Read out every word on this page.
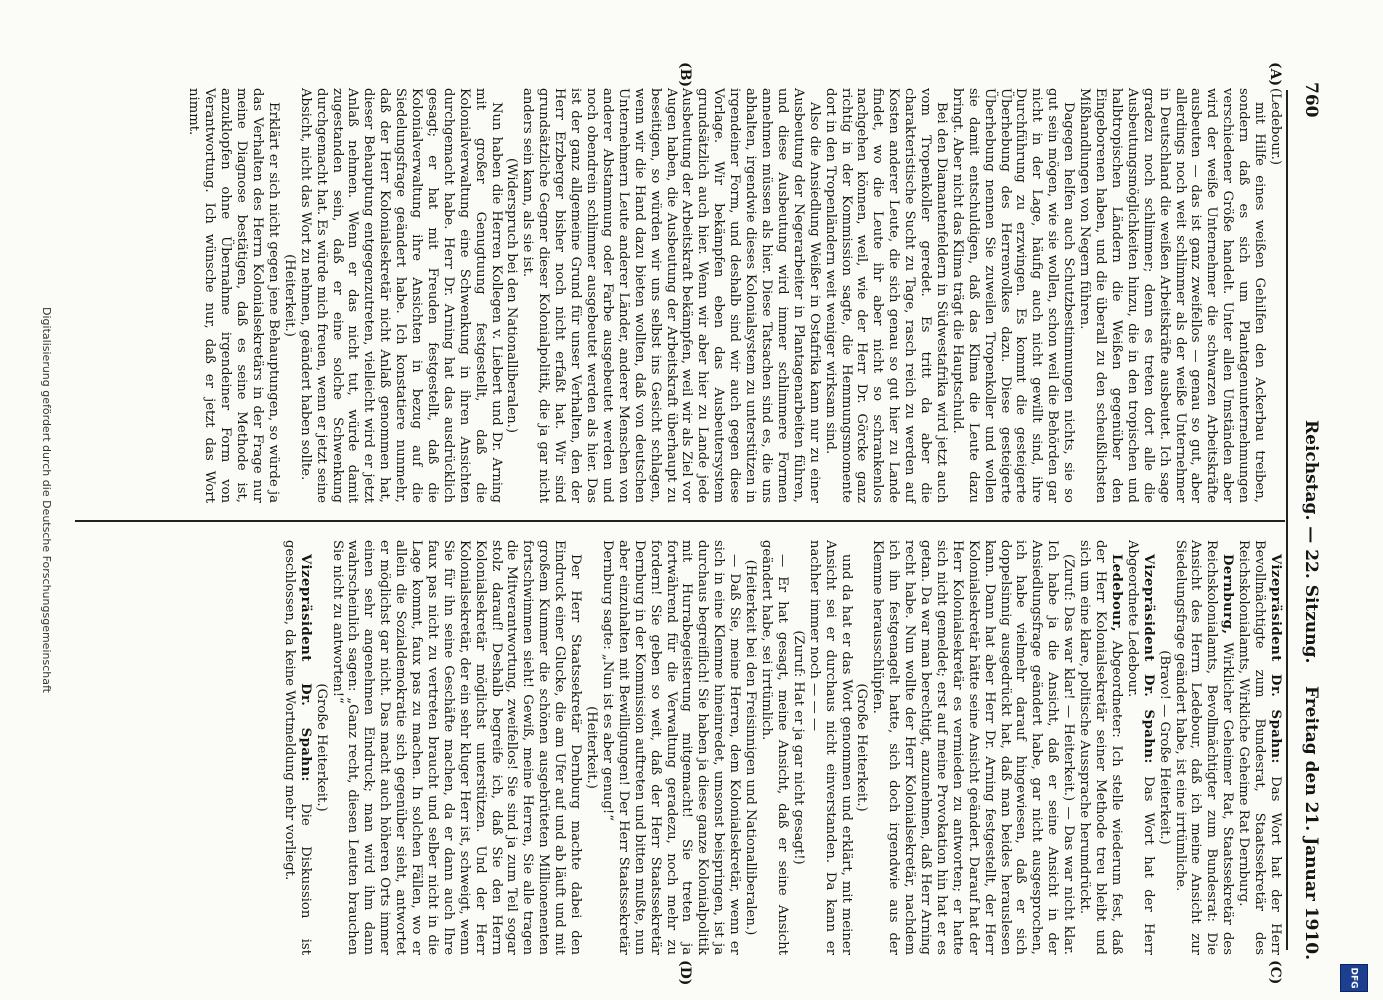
760
Reichstag. — 22. Sitzung.
Freitag den 21. Januar 1910.
(A)
(B)
(C)
(D)

(Ledebour.)

mit Hilfe eines weißen Gehilfen den Ackerbau treiben, sondern daß es sich um Plantagenunternehmungen verschiedener Größe handelt. Unter allen Umständen aber wird der weiße Unternehmer die schwarzen Arbeitskräfte ausbeuten — das ist ganz zweifellos — genau so gut, aber allerdings noch weit schlimmer als der weiße Unternehmer in Deutschland die weißen Arbeitskräfte ausbeutet. Ich sage gradezu noch schlimmer; denn es treten dort alle die Ausbeutungsmöglichkeiten hinzu, die in den tropischen und halbtropischen Ländern die Weißen gegenüber den Eingeborenen haben, und die überall zu den scheußlichsten Mißhandlungen von Negern führen.

Dagegen helfen auch Schutzbestimmungen nichts, sie so gut sein mögen, wie sie wollen, schon weil die Behörden gar nicht in der Lage, häufig auch nicht gewillt sind, ihre Durchführung zu erzwingen. Es kommt die gesteigerte Überhebung des Herrenvolkes dazu. Diese gesteigerte Überhebung nennen Sie zuweilen Tropenkoller und wollen sie damit entschuldigen, daß das Klima die Leute dazu bringt. Aber nicht das Klima trägt die Hauptschuld.

Bei den Diamantenfeldern in Südwestafrika wird jetzt auch vom Tropenkoller geredet. Es tritt da aber die charakteristische Sucht zu Tage, rasch reich zu werden auf Kosten anderer Leute, die sich genau so gut hier zu Lande findet, wo die Leute ihr aber nicht so schrankenlos nachgehen können, weil, wie der Herr Dr. Görcke ganz richtig in der Kommission sagte, die Hemmungsmomente dort in den Tropenländern weit weniger wirksam sind.

Also die Ansiedlung Weißer in Ostafrika kann nur zu einer Ausbeutung der Negerarbeiter in Plantagenarbeiten führen, und diese Ausbeutung wird immer schlimmere Formen annehmen müssen als hier. Diese Tatsachen sind es, die uns abhalten, irgendwie dieses Kolonialsystem zu unterstützen in irgendeiner Form, und deshalb sind wir auch gegen diese Vorlage. Wir bekämpfen eben das Ausbeutersystem grundsätzlich auch hier. Wenn wir aber hier zu Lande jede Ausbeutung der Arbeitskraft bekämpfen, weil wir als Ziel vor Augen haben, die Ausbeutung der Arbeitskraft überhaupt zu beseitigen, so würden wir uns selbst ins Gesicht schlagen, wenn wir die Hand dazu bieten wollten, daß von deutschen Unternehmern Leute anderer Länder, anderer Menschen von anderer Abstammung oder Farbe ausgebeutet werden und noch obendrein schlimmer ausgebeutet werden als hier. Das ist der ganz allgemeine Grund für unser Verhalten, den der Herr Erzberger bisher noch nicht erfaßt hat. Wir sind grundsätzliche Gegner dieser Kolonialpolitik, die ja gar nicht anders sein kann, als sie ist.

(Widerspruch bei den Nationalliberalen.)

Nun haben die Herren Kollegen v. Liebert und Dr. Arning mit großer Genugtuung festgestellt, daß die Kolonialverwaltung eine Schwenkung in ihren Ansichten durchgemacht habe. Herr Dr. Arning hat das ausdrücklich gesagt; er hat mit Freuden festgestellt, daß die Kolonialverwaltung ihre Ansichten in bezug auf die Siedelungsfrage geändert habe. Ich konstatiere nunmehr, daß der Herr Kolonialsekretär nicht Anlaß genommen hat, dieser Behauptung entgegenzutreten, vielleicht wird er jetzt Anlaß nehmen. Wenn er das nicht tut, würde damit zugestanden sein, daß er eine solche Schwenkung durchgemacht hat. Es würde mich freuen, wenn er jetzt seine Absicht, nicht das Wort zu nehmen, geändert haben sollte.

(Heiterkeit.)

Erklärt er sich nicht gegen jene Behauptungen, so würde ja das Verhalten des Herrn Kolonialsekretärs in der Frage nur meine Diagnose bestätigen, daß es seine Methode ist, anzuklopfen ohne Übernahme irgendeiner Form von Verantwortung. Ich wünsche nur, daß er jetzt das Wort nimmt.

Vizepräsident Dr. Spahn: Das Wort hat der Herr Bevollmächtigte zum Bundesrat, Staatssekretär des Reichskolonialamts, Wirkliche Geheime Rat Dernburg.

Dernburg, Wirklicher Geheimer Rat, Staatssekretär des Reichskolonialamts, Bevollmächtigter zum Bundesrat: Die Ansicht des Herrn Ledebour, daß ich meine Ansicht zur Siedelungsfrage geändert habe, ist eine irrtümliche.

(Bravo! — Große Heiterkeit.)

Vizepräsident Dr. Spahn: Das Wort hat der Herr Abgeordnete Ledebour.

Ledebour, Abgeordneter: Ich stelle wiederum fest, daß der Herr Kolonialsekretär seiner Methode treu bleibt und sich um eine klare, politische Aussprache herumdrückt.

(Zuruf: Das war klar! — Heiterkeit.) — Das war nicht klar. Ich habe ja die Ansicht, daß er seine Ansicht in der Ansiedlungsfrage geändert habe, gar nicht ausgesprochen, ich habe vielmehr darauf hingewiesen, daß er sich doppelsinnig ausgedrückt hat, daß man beides herauslesen kann. Dann hat aber Herr Dr. Arning festgestellt, der Herr Kolonialsekretär hätte seine Ansicht geändert. Darauf hat der Herr Kolonialsekretär es vermieden zu antworten; er hatte sich nicht gemeldet; erst auf meine Provokation hin hat er es getan. Da war man berechtigt, anzunehmen, daß Herr Arning recht habe. Nun wollte der Herr Kolonialsekretär, nachdem ich ihn festgenagelt hatte, sich doch irgendwie aus der Klemme herausschlüpfen.

(Große Heiterkeit.)

und da hat er das Wort genommen und erklärt, mit meiner Ansicht sei er durchaus nicht einverstanden. Da kann er nachher immer noch — — —

(Zuruf: Hat er ja gar nicht gesagt!)

— Er hat gesagt, meine Ansicht, daß er seine Ansicht geändert habe, sei irrtümlich.

(Heiterkeit bei den Freisinnigen und Nationalliberalen.)

— Daß Sie, meine Herren, dem Kolonialsekretär, wenn er sich in eine Klemme hineinredet, umsonst beispringen, ist ja durchaus begreiflich! Sie haben ja diese ganze Kolonialpolitik mit Hurrabegeisterung mitgemacht! Sie treten ja fortwährend für die Verwaltung geradezu, noch mehr zu fordern! Sie geben so weit, daß der Herr Staatssekretär Dernburg in der Kommission auftreten und bitten mußte, nun aber einzuhalten mit Bewilligungen! Der Herr Staatssekretär Dernburg sagte: „Nun ist es aber genug!“

(Heiterkeit.)

Der Herr Staatssekretär Dernburg machte dabei den Eindruck einer Glucke, die am Ufer auf und ab läuft und mit großem Kummer die schönen ausgebrüteten Millionenenten fortschwimmen sieht! Gewiß, meine Herren, Sie alle tragen die Mitverantwortung, zweifellos! Sie sind ja zum Teil sogar stolz darauf! Deshalb begreife ich, daß Sie den Herrn Kolonialsekretär möglichst unterstützen. Und der Herr Kolonialsekretär, der ein sehr kluger Herr ist, schweigt, wenn Sie für ihn seine Geschäfte machen, da er dann auch Ihre faux pas nicht zu vertreten braucht und selber nicht in die Lage kommt, faux pas zu machen. In solchen Fällen, wo er allein die Sozialdemokratie sich gegenüber sieht, antwortet er möglichst gar nicht. Das macht auch höheren Orts immer einen sehr angenehmen Eindruck; man wird ihm dann wahrscheinlich sagen: „Ganz recht, diesen Leuten brauchen Sie nicht zu antworten!“

(Große Heiterkeit.)

Vizepräsident Dr. Spahn: Die Diskussion ist geschlossen, da keine Wortmeldung mehr vorliegt.

Digitalisierung gefördert durch die Deutsche Forschungsgemeinschaft
DFG
